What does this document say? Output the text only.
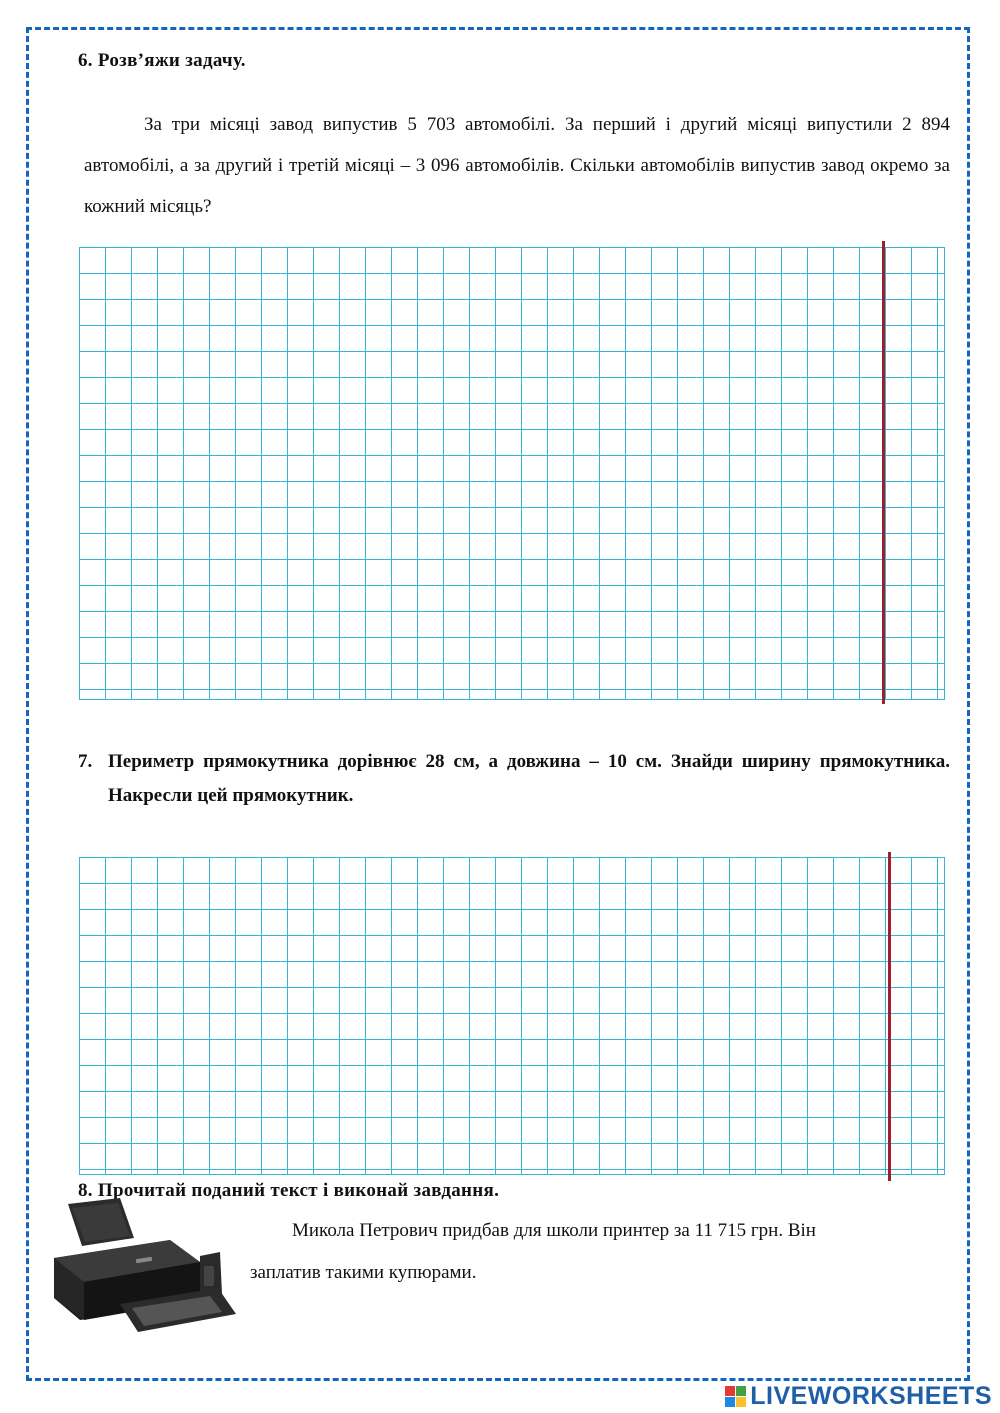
6. Розв’яжи задачу.
За три місяці завод випустив 5 703 автомобілі. За перший і другий місяці випустили 2 894 автомобілі, а за другий і третій місяці – 3 096 автомобілів. Скільки автомобілів випустив завод окремо за кожний місяць?
7. Периметр прямокутника дорівнює 28 см, а довжина – 10 см. Знайди ширину прямокутника. Накресли цей прямокутник.
8. Прочитай поданий текст і виконай завдання.
Микола Петрович придбав для школи принтер за 11 715 грн. Він
заплатив такими купюрами.
LIVEWORKSHEETS
